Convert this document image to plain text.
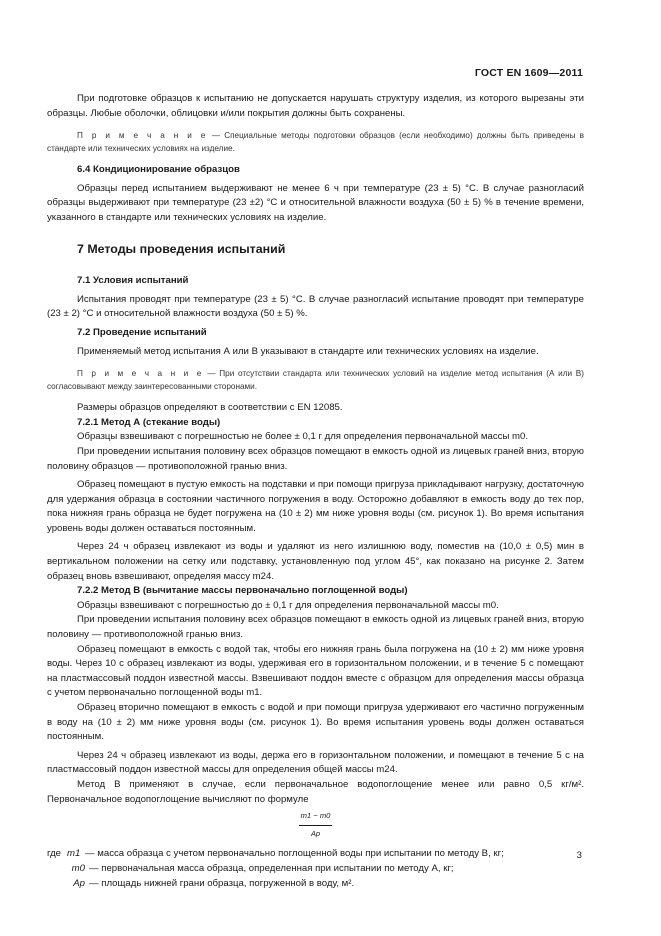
ГОСТ EN 1609—2011

При подготовке образцов к испытанию не допускается нарушать структуру изделия, из которого вырезаны эти образцы. Любые оболочки, облицовки и/или покрытия должны быть сохранены.

П р и м е ч а н и е — Специальные методы подготовки образцов (если необходимо) должны быть приведены в стандарте или технических условиях на изделие.

6.4 Кондиционирование образцов

Образцы перед испытанием выдерживают не менее 6 ч при температуре (23 ± 5) °С. В случае разногласий образцы выдерживают при температуре (23 ±2) °С и относительной влажности воздуха (50 ± 5) % в течение времени, указанного в стандарте или технических условиях на изделие.

7 Методы проведения испытаний

7.1 Условия испытаний

Испытания проводят при температуре (23 ± 5) °С. В случае разногласий испытание проводят при температуре (23 ± 2) °С и относительной влажности воздуха (50 ± 5) %.

7.2 Проведение испытаний

Применяемый метод испытания А или В указывают в стандарте или технических условиях на изделие.

П р и м е ч а н и е — При отсутствии стандарта или технических условий на изделие метод испытания (А или В) согласовывают между заинтересованными сторонами.

Размеры образцов определяют в соответствии с EN 12085.

7.2.1 Метод А (стекание воды)

Образцы взвешивают с погрешностью не более ± 0,1 г для определения первоначальной массы m0.

При проведении испытания половину всех образцов помещают в емкость одной из лицевых граней вниз, вторую половину образцов — противоположной гранью вниз.

Образец помещают в пустую емкость на подставки и при помощи пригруза прикладывают нагрузку, достаточную для удержания образца в состоянии частичного погружения в воду. Осторожно добавляют в емкость воду до тех пор, пока нижняя грань образца не будет погружена на (10 ± 2) мм ниже уровня воды (см. рисунок 1). Во время испытания уровень воды должен оставаться постоянным.

Через 24 ч образец извлекают из воды и удаляют из него излишнюю воду, поместив на (10,0 ± 0,5) мин в вертикальном положении на сетку или подставку, установленную под углом 45°, как показано на рисунке 2. Затем образец вновь взвешивают, определяя массу m24.

7.2.2 Метод В (вычитание массы первоначально поглощенной воды)

Образцы взвешивают с погрешностью до ± 0,1 г для определения первоначальной массы m0.

При проведении испытания половину всех образцов помещают в емкость одной из лицевых граней вниз, вторую половину — противоположной гранью вниз.

Образец помещают в емкость с водой так, чтобы его нижняя грань была погружена на (10 ± 2) мм ниже уровня воды. Через 10 с образец извлекают из воды, удерживая его в горизонтальном положении, и в течение 5 с помещают на пластмассовый поддон известной массы. Взвешивают поддон вместе с образцом для определения массы образца с учетом первоначально поглощенной воды m1.

Образец вторично помещают в емкость с водой и при помощи пригруза удерживают его частично погруженным в воду на (10 ± 2) мм ниже уровня воды (см. рисунок 1). Во время испытания уровень воды должен оставаться постоянным.

Через 24 ч образец извлекают из воды, держа его в горизонтальном положении, и помещают в течение 5 с на пластмассовый поддон известной массы для определения общей массы m24.

Метод В применяют в случае, если первоначальное водопоглощение менее или равно 0,5 кг/м². Первоначальное водопоглощение вычисляют по формуле

$\frac{m1 - m0}{Ap}$
где m1 — масса образца с учетом первоначально поглощенной воды при испытании по методу В, кг;
m0 — первоначальная масса образца, определенная при испытании по методу А, кг;
Ap — площадь нижней грани образца, погруженной в воду, м².
3
